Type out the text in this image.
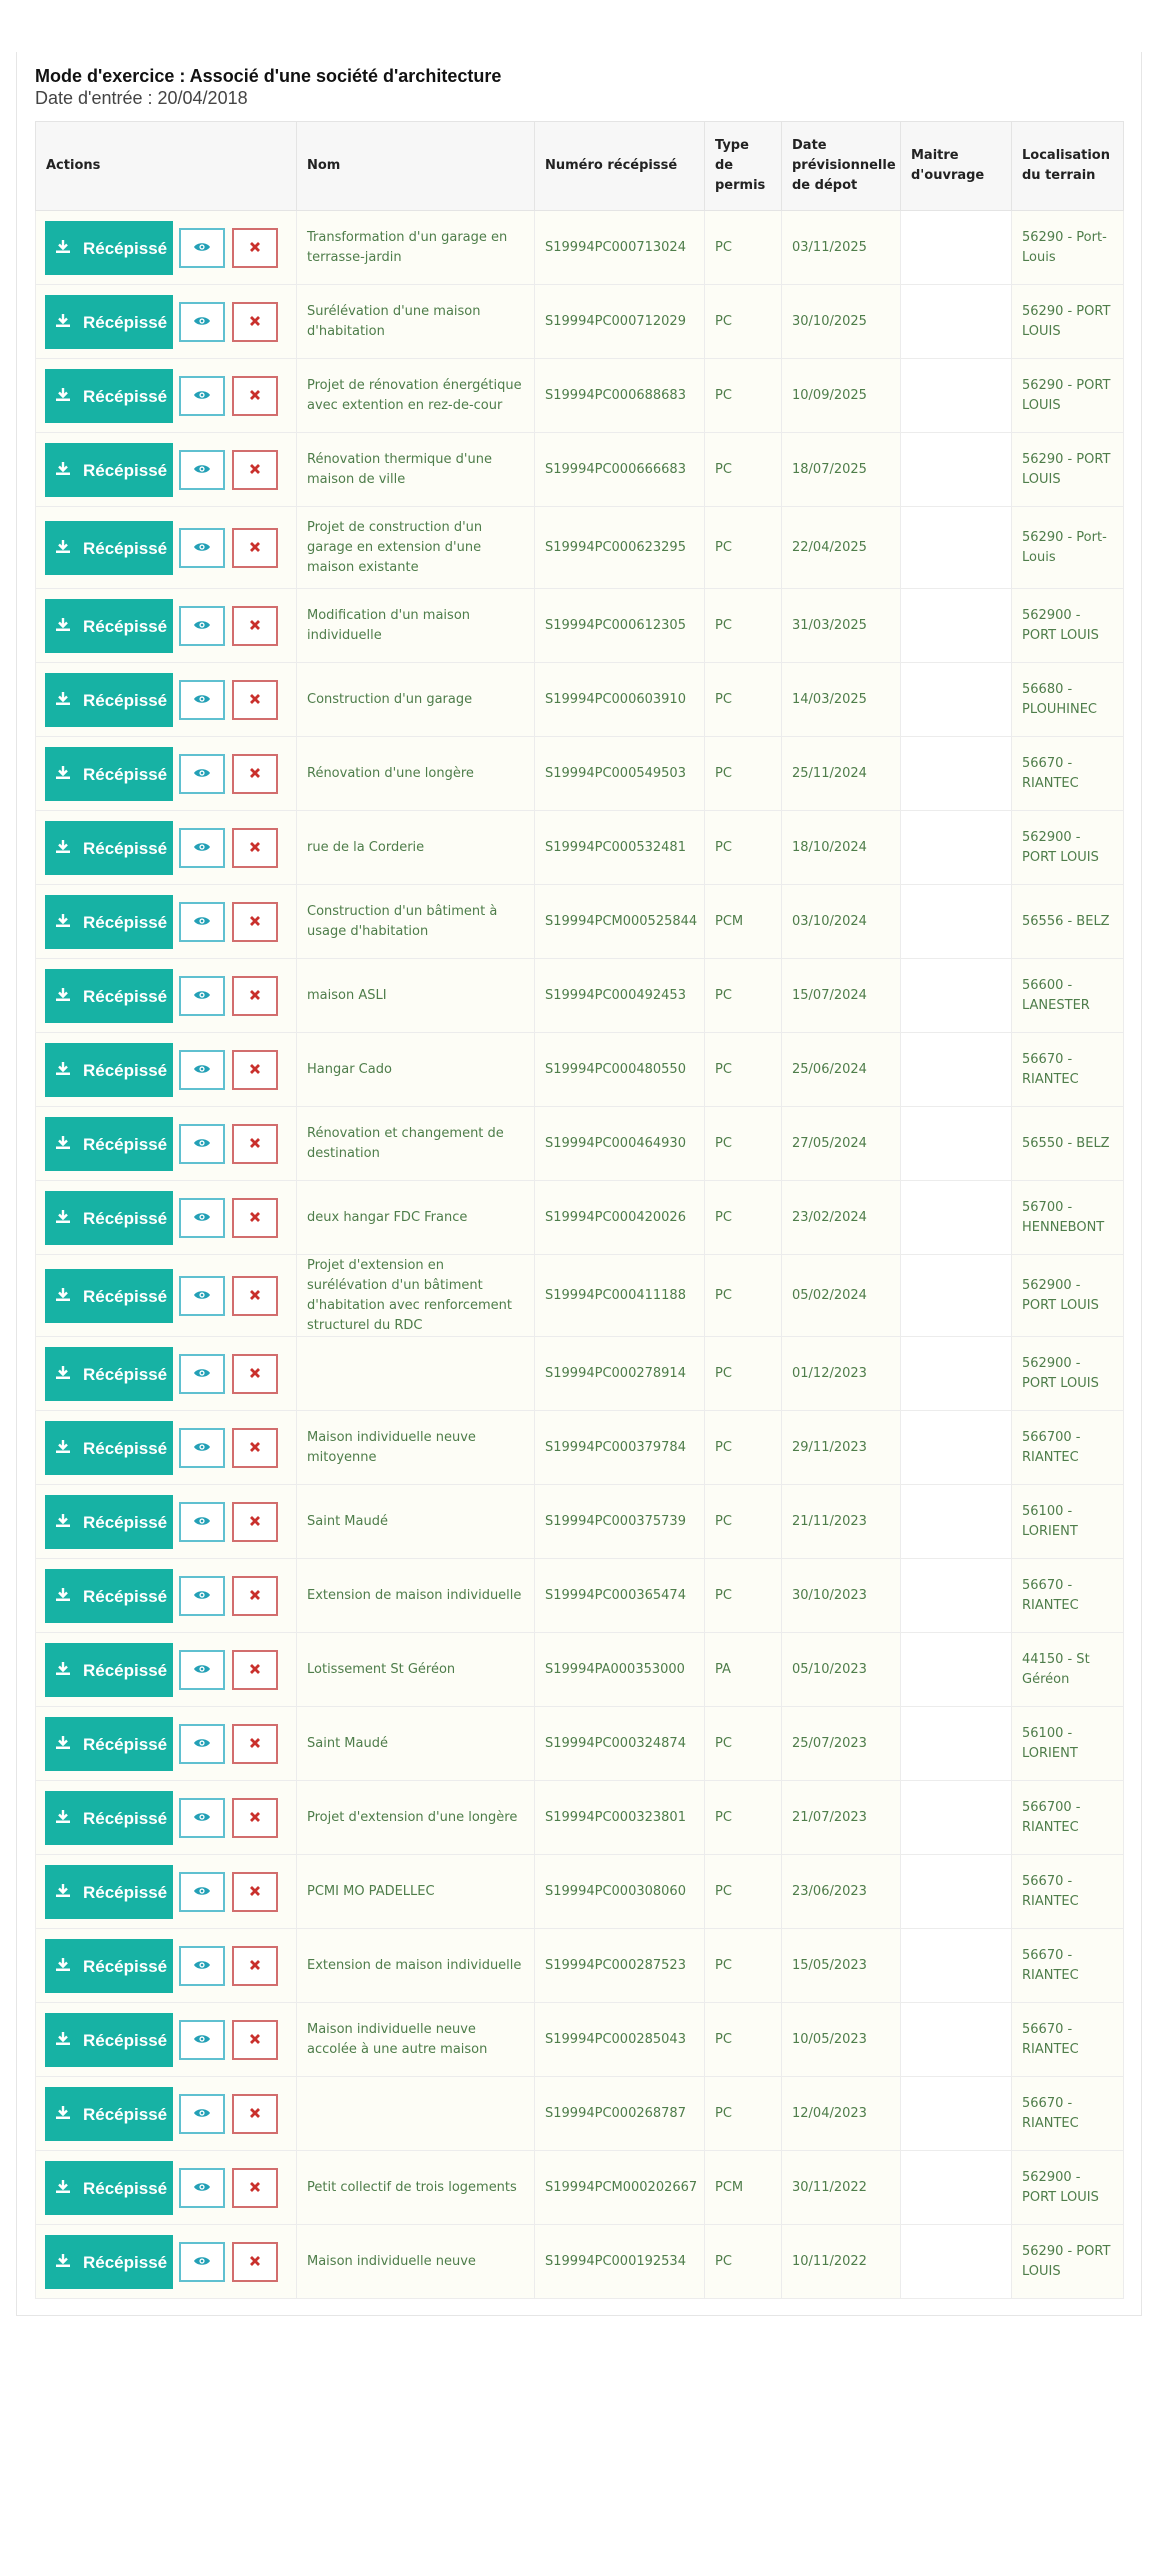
Mode d'exercice : Associé d'une société d'architecture
Date d'entrée : 20/04/2018
Actions	Nom	Numéro récépissé	Type de permis	Date prévisionnelle de dépot	Maitre d'ouvrage	Localisation du terrain
Récépissé	Transformation d'un garage en terrasse-jardin	S19994PC000713024	PC	03/11/2025		56290 - Port-Louis
Récépissé	Surélévation d'une maison d'habitation	S19994PC000712029	PC	30/10/2025		56290 - PORT LOUIS
Récépissé	Projet de rénovation énergétique avec extention en rez-de-cour	S19994PC000688683	PC	10/09/2025		56290 - PORT LOUIS
Récépissé	Rénovation thermique d'une maison de ville	S19994PC000666683	PC	18/07/2025		56290 - PORT LOUIS
Récépissé	Projet de construction d'un garage en extension d'une maison existante	S19994PC000623295	PC	22/04/2025		56290 - Port-Louis
Récépissé	Modification d'un maison individuelle	S19994PC000612305	PC	31/03/2025		562900 - PORT LOUIS
Récépissé	Construction d'un garage	S19994PC000603910	PC	14/03/2025		56680 - PLOUHINEC
Récépissé	Rénovation d'une longère	S19994PC000549503	PC	25/11/2024		56670 - RIANTEC
Récépissé	rue de la Corderie	S19994PC000532481	PC	18/10/2024		562900 - PORT LOUIS
Récépissé	Construction d'un bâtiment à usage d'habitation	S19994PCM000525844	PCM	03/10/2024		56556 - BELZ
Récépissé	maison ASLI	S19994PC000492453	PC	15/07/2024		56600 - LANESTER
Récépissé	Hangar Cado	S19994PC000480550	PC	25/06/2024		56670 - RIANTEC
Récépissé	Rénovation et changement de destination	S19994PC000464930	PC	27/05/2024		56550 - BELZ
Récépissé	deux hangar FDC France	S19994PC000420026	PC	23/02/2024		56700 - HENNEBONT
Récépissé	Projet d'extension en surélévation d'un bâtiment d'habitation avec renforcement structurel du RDC	S19994PC000411188	PC	05/02/2024		562900 - PORT LOUIS
Récépissé		S19994PC000278914	PC	01/12/2023		562900 - PORT LOUIS
Récépissé	Maison individuelle neuve mitoyenne	S19994PC000379784	PC	29/11/2023		566700 - RIANTEC
Récépissé	Saint Maudé	S19994PC000375739	PC	21/11/2023		56100 - LORIENT
Récépissé	Extension de maison individuelle	S19994PC000365474	PC	30/10/2023		56670 - RIANTEC
Récépissé	Lotissement St Géréon	S19994PA000353000	PA	05/10/2023		44150 - St Géréon
Récépissé	Saint Maudé	S19994PC000324874	PC	25/07/2023		56100 - LORIENT
Récépissé	Projet d'extension d'une longère	S19994PC000323801	PC	21/07/2023		566700 - RIANTEC
Récépissé	PCMI MO PADELLEC	S19994PC000308060	PC	23/06/2023		56670 - RIANTEC
Récépissé	Extension de maison individuelle	S19994PC000287523	PC	15/05/2023		56670 - RIANTEC
Récépissé	Maison individuelle neuve accolée à une autre maison	S19994PC000285043	PC	10/05/2023		56670 - RIANTEC
Récépissé		S19994PC000268787	PC	12/04/2023		56670 - RIANTEC
Récépissé	Petit collectif de trois logements	S19994PCM000202667	PCM	30/11/2022		562900 - PORT LOUIS
Récépissé	Maison individuelle neuve	S19994PC000192534	PC	10/11/2022		56290 - PORT LOUIS
